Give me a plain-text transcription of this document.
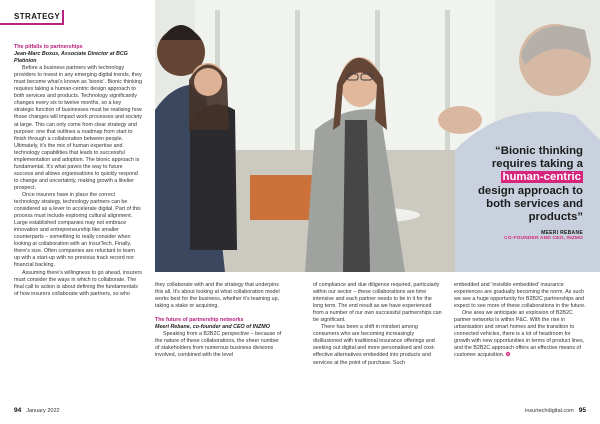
STRATEGY
The pitfalls to partnerships
Jean-Marc Boxus, Associate Director at BCG Platinion

Before a business partners with technology providers to invest in any emerging digital trends, they must become what’s known as ‘bionic’. Bionic thinking requires taking a human-centric design approach to both services and products. Technology significantly changes every six to twelve months, so a key strategic function of businesses must be realising how those changes will impact work processes and society at large. This can only come from clear strategy and purpose: one that outlines a roadmap from start to finish through a collaboration between people. Ultimately, it’s the mix of human expertise and technology capabilities that leads to successful implementation and adoption. The bionic approach is fundamental. It’s what paves the way to future success and allows organisations to quickly respond to change and uncertainty, making growth a likelier prospect.

Once insurers have in place the correct technology strategy, technology partners can be considered as a lever to accelerate digital. Part of this process must include exploring cultural alignment. Large established companies may not embrace innovation and entrepreneurship like smaller counterparts – something to really consider when looking at collaboration with an InsurTech. Finally, there’s size. Often companies are reluctant to team up with a start-up with no previous track record nor financial backing.

Assuming there’s willingness to go ahead, insurers must consider the ways in which to collaborate. The final call to action is about defining the fundamentals of how insurers collaborate with partners, so who

“Bionic thinking requires taking a human-centric design approach to both services and products”
MEERI REBANE
CO-FOUNDER AND CEO, INZMO

they collaborate with and the strategy that underpins this all. It’s about looking at what collaboration model works best for the business, whether it’s teaming up, taking a stake or acquiring.

The future of partnership networks
Meeri Rebane, co-founder and CEO of INZMO

Speaking from a B2B2C perspective – because of the nature of these collaborations, the sheer number of stakeholders from numerous business divisions involved, combined with the level

of compliance and due diligence required, particularly within our sector – these collaborations are time intensive and each partner needs to be in it for the long term. The end result as we have experienced from a number of our own successful partnerships can be significant.

There has been a shift in mindset among consumers who are becoming increasingly disillusioned with traditional insurance offerings and seeking out digital and more personalised and cost-effective alternatives embedded into products and services at the point of purchase. Such

embedded and ‘invisible embedded’ insurance experiences are gradually becoming the norm. As such we see a huge opportunity for B2B2C partnerships and expect to see more of these collaborations in the future.

One area we anticipate an explosion of B2B2C partner networks is within P&C. With the rise in urbanisation and smart homes and the transition to connected vehicles, there is a lot of headroom for growth with new opportunities in terms of product lines, and the B2B2C approach offers an effective means of customer acquisition. ❂

94 January 2022	insurtechdigital.com 95
